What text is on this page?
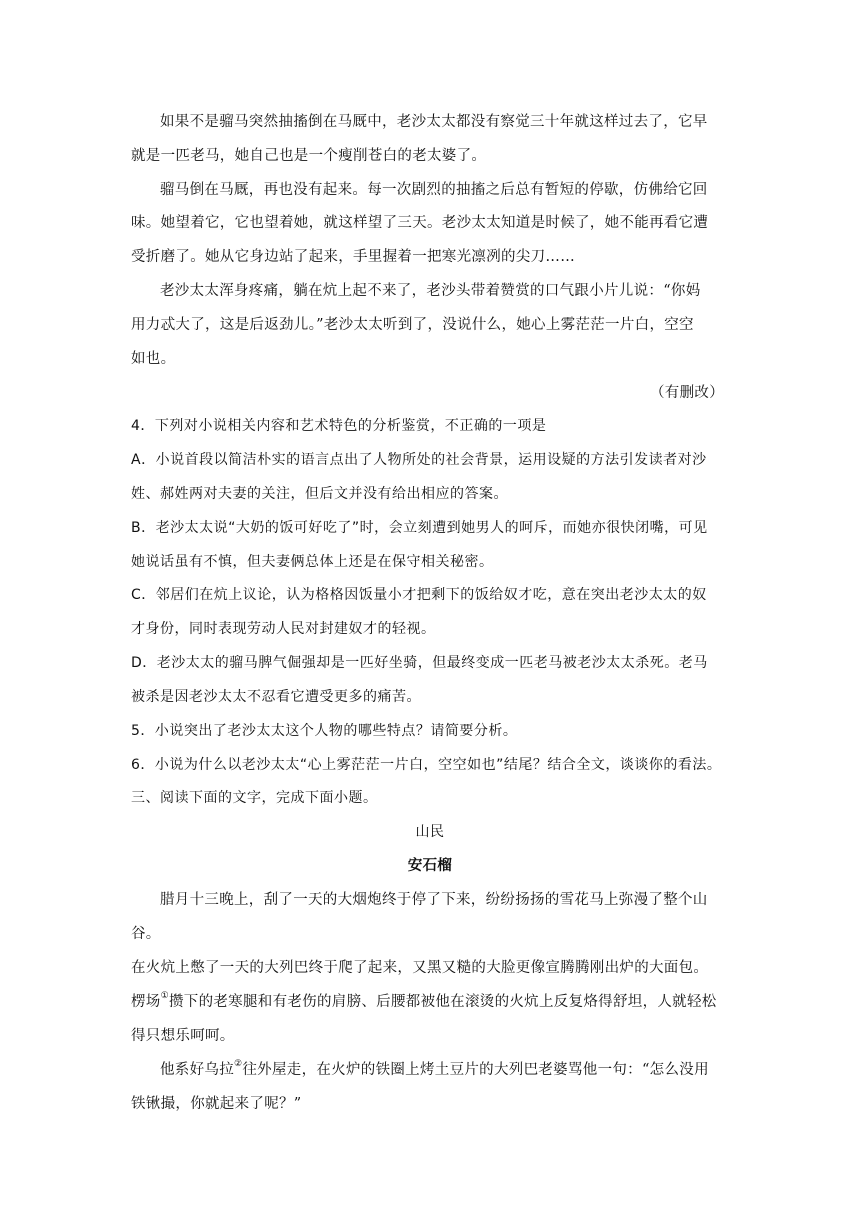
如果不是骝马突然抽搐倒在马厩中，老沙太太都没有察觉三十年就这样过去了，它早
就是一匹老马，她自己也是一个瘦削苍白的老太婆了。
骝马倒在马厩，再也没有起来。每一次剧烈的抽搐之后总有暂短的停歇，仿佛给它回
味。她望着它，它也望着她，就这样望了三天。老沙太太知道是时候了，她不能再看它遭
受折磨了。她从它身边站了起来，手里握着一把寒光凛冽的尖刀……
老沙太太浑身疼痛，躺在炕上起不来了，老沙头带着赞赏的口气跟小片儿说：“你妈
用力忒大了，这是后返劲儿。”老沙太太听到了，没说什么，她心上雾茫茫一片白，空空
如也。
（有删改）
4．下列对小说相关内容和艺术特色的分析鉴赏，不正确的一项是
A．小说首段以简洁朴实的语言点出了人物所处的社会背景，运用设疑的方法引发读者对沙
姓、郝姓两对夫妻的关注，但后文并没有给出相应的答案。
B．老沙太太说“大奶的饭可好吃了”时，会立刻遭到她男人的呵斥，而她亦很快闭嘴，可见
她说话虽有不慎，但夫妻俩总体上还是在保守相关秘密。
C．邻居们在炕上议论，认为格格因饭量小才把剩下的饭给奴才吃，意在突出老沙太太的奴
才身份，同时表现劳动人民对封建奴才的轻视。
D．老沙太太的骝马脾气倔强却是一匹好坐骑，但最终变成一匹老马被老沙太太杀死。老马
被杀是因老沙太太不忍看它遭受更多的痛苦。
5．小说突出了老沙太太这个人物的哪些特点？请简要分析。
6．小说为什么以老沙太太“心上雾茫茫一片白，空空如也”结尾？结合全文，谈谈你的看法。
三、阅读下面的文字，完成下面小题。
山民
安石榴
腊月十三晚上，刮了一天的大烟炮终于停了下来，纷纷扬扬的雪花马上弥漫了整个山
谷。
在火炕上憋了一天的大列巴终于爬了起来，又黑又糙的大脸更像宣腾腾刚出炉的大面包。
楞场①攒下的老寒腿和有老伤的肩膀、后腰都被他在滚烫的火炕上反复烙得舒坦，人就轻松
得只想乐呵呵。
他系好乌拉②往外屋走，在火炉的铁圈上烤土豆片的大列巴老婆骂他一句：“怎么没用
铁锹撮，你就起来了呢？”
